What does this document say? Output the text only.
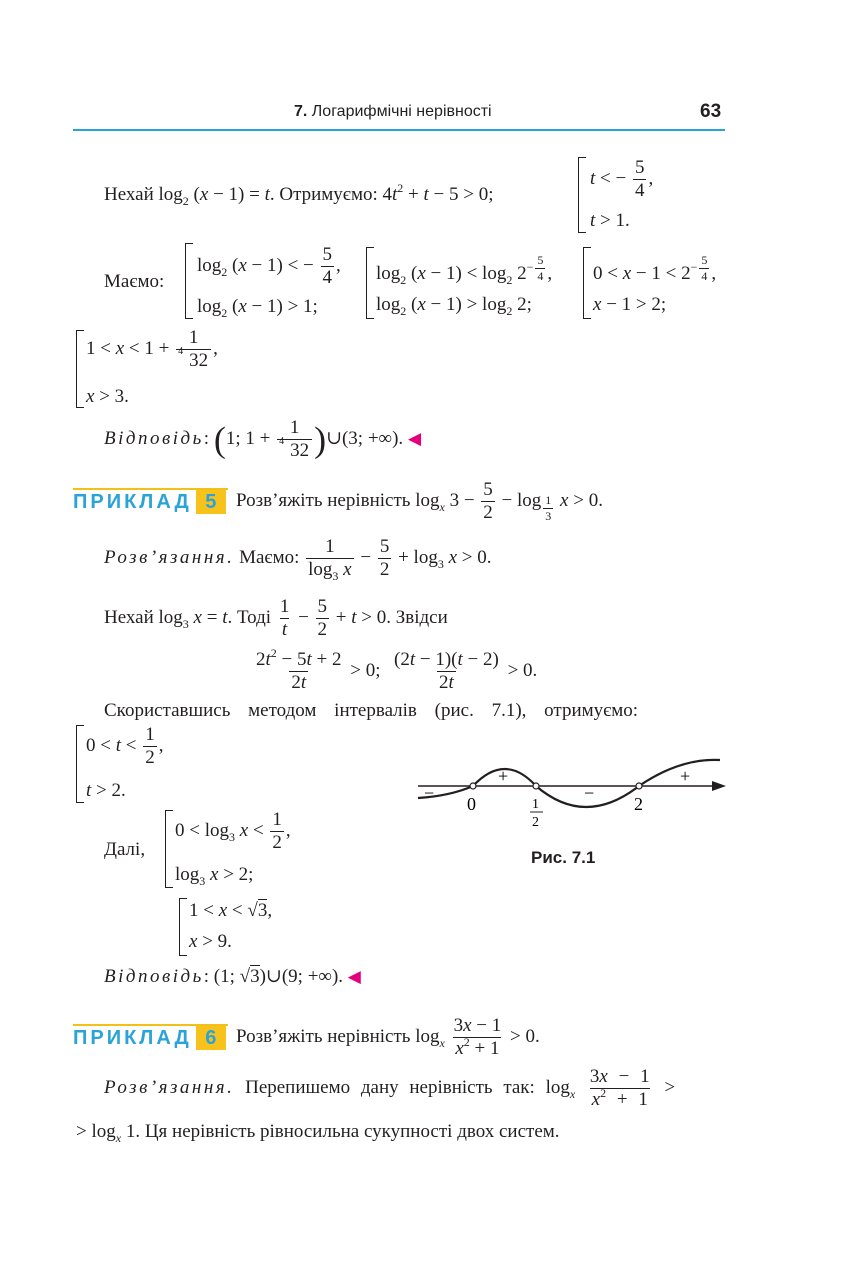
7. Логарифмічні нерівності	63
Нехай $\log_2 (x - 1) = t$. Отримуємо: $4t^2 + t - 5 > 0$;
t < − $\frac{5}{4}$ ,
t > 1.
Маємо:
$\log_2 (x - 1)$ < − $\frac{5}{4}$ ,
$\log_2 (x - 1) > 1$;
$\log_2 (x - 1) < \log_2 2^{- \frac{5}{4}}$ ,
$\log_2 (x - 1) > \log_2 2$;
$0 < x - 1 < 2^{- \frac{5}{4}}$ ,
x − 1 > 2;
$1 < x < 1 + \frac{1}{4 32}$ ,
x > 3.
Відповідь: (1; $1 + \frac{1}{4 32}$ )∪(3; +∞). ◀
ПРИКЛАД 5	Розв’яжіть нерівність $\log_x 3 - \frac{5}{2} - \log _{\frac{1}{3}}$ x > 0.
Розв’язання. Маємо: $\frac{1}{\log_3 x} - \frac{5}{2} + \log_3 x > 0$.
Нехай $\log_3 x = t$. Тоді $\frac{1}{t} - \frac{5}{2} + t > 0$. Звідси
$\frac{2t^2 - 5t + 2}{2t} > 0$; $\frac{(2t - 1)(t - 2)}{2t} > 0$.
Скориставшись методом інтервалів (рис. 7.1), отримуємо:
$0 < t < \frac{1}{2}$ ,
t > 2.	−
+
−
+
0	1
2
2
Рис. 7.1
Далі,
$0 < \log_3 x < \frac{1}{2}$ ,
$\log_3 x > 2$;
1 < x < √3,
x > 9.
Відповідь: (1; √3)∪(9; +∞). ◀
ПРИКЛАД 6	Розв’яжіть нерівність $\log_x \frac{3x - 1}{x^2 + 1} > 0$.
Розв’язання. Перепишемо дану нерівність так: $\log_x \frac{3x - 1}{x^2 + 1}$ >
> $\log_x 1$. Ця нерівність рівносильна сукупності двох систем.
